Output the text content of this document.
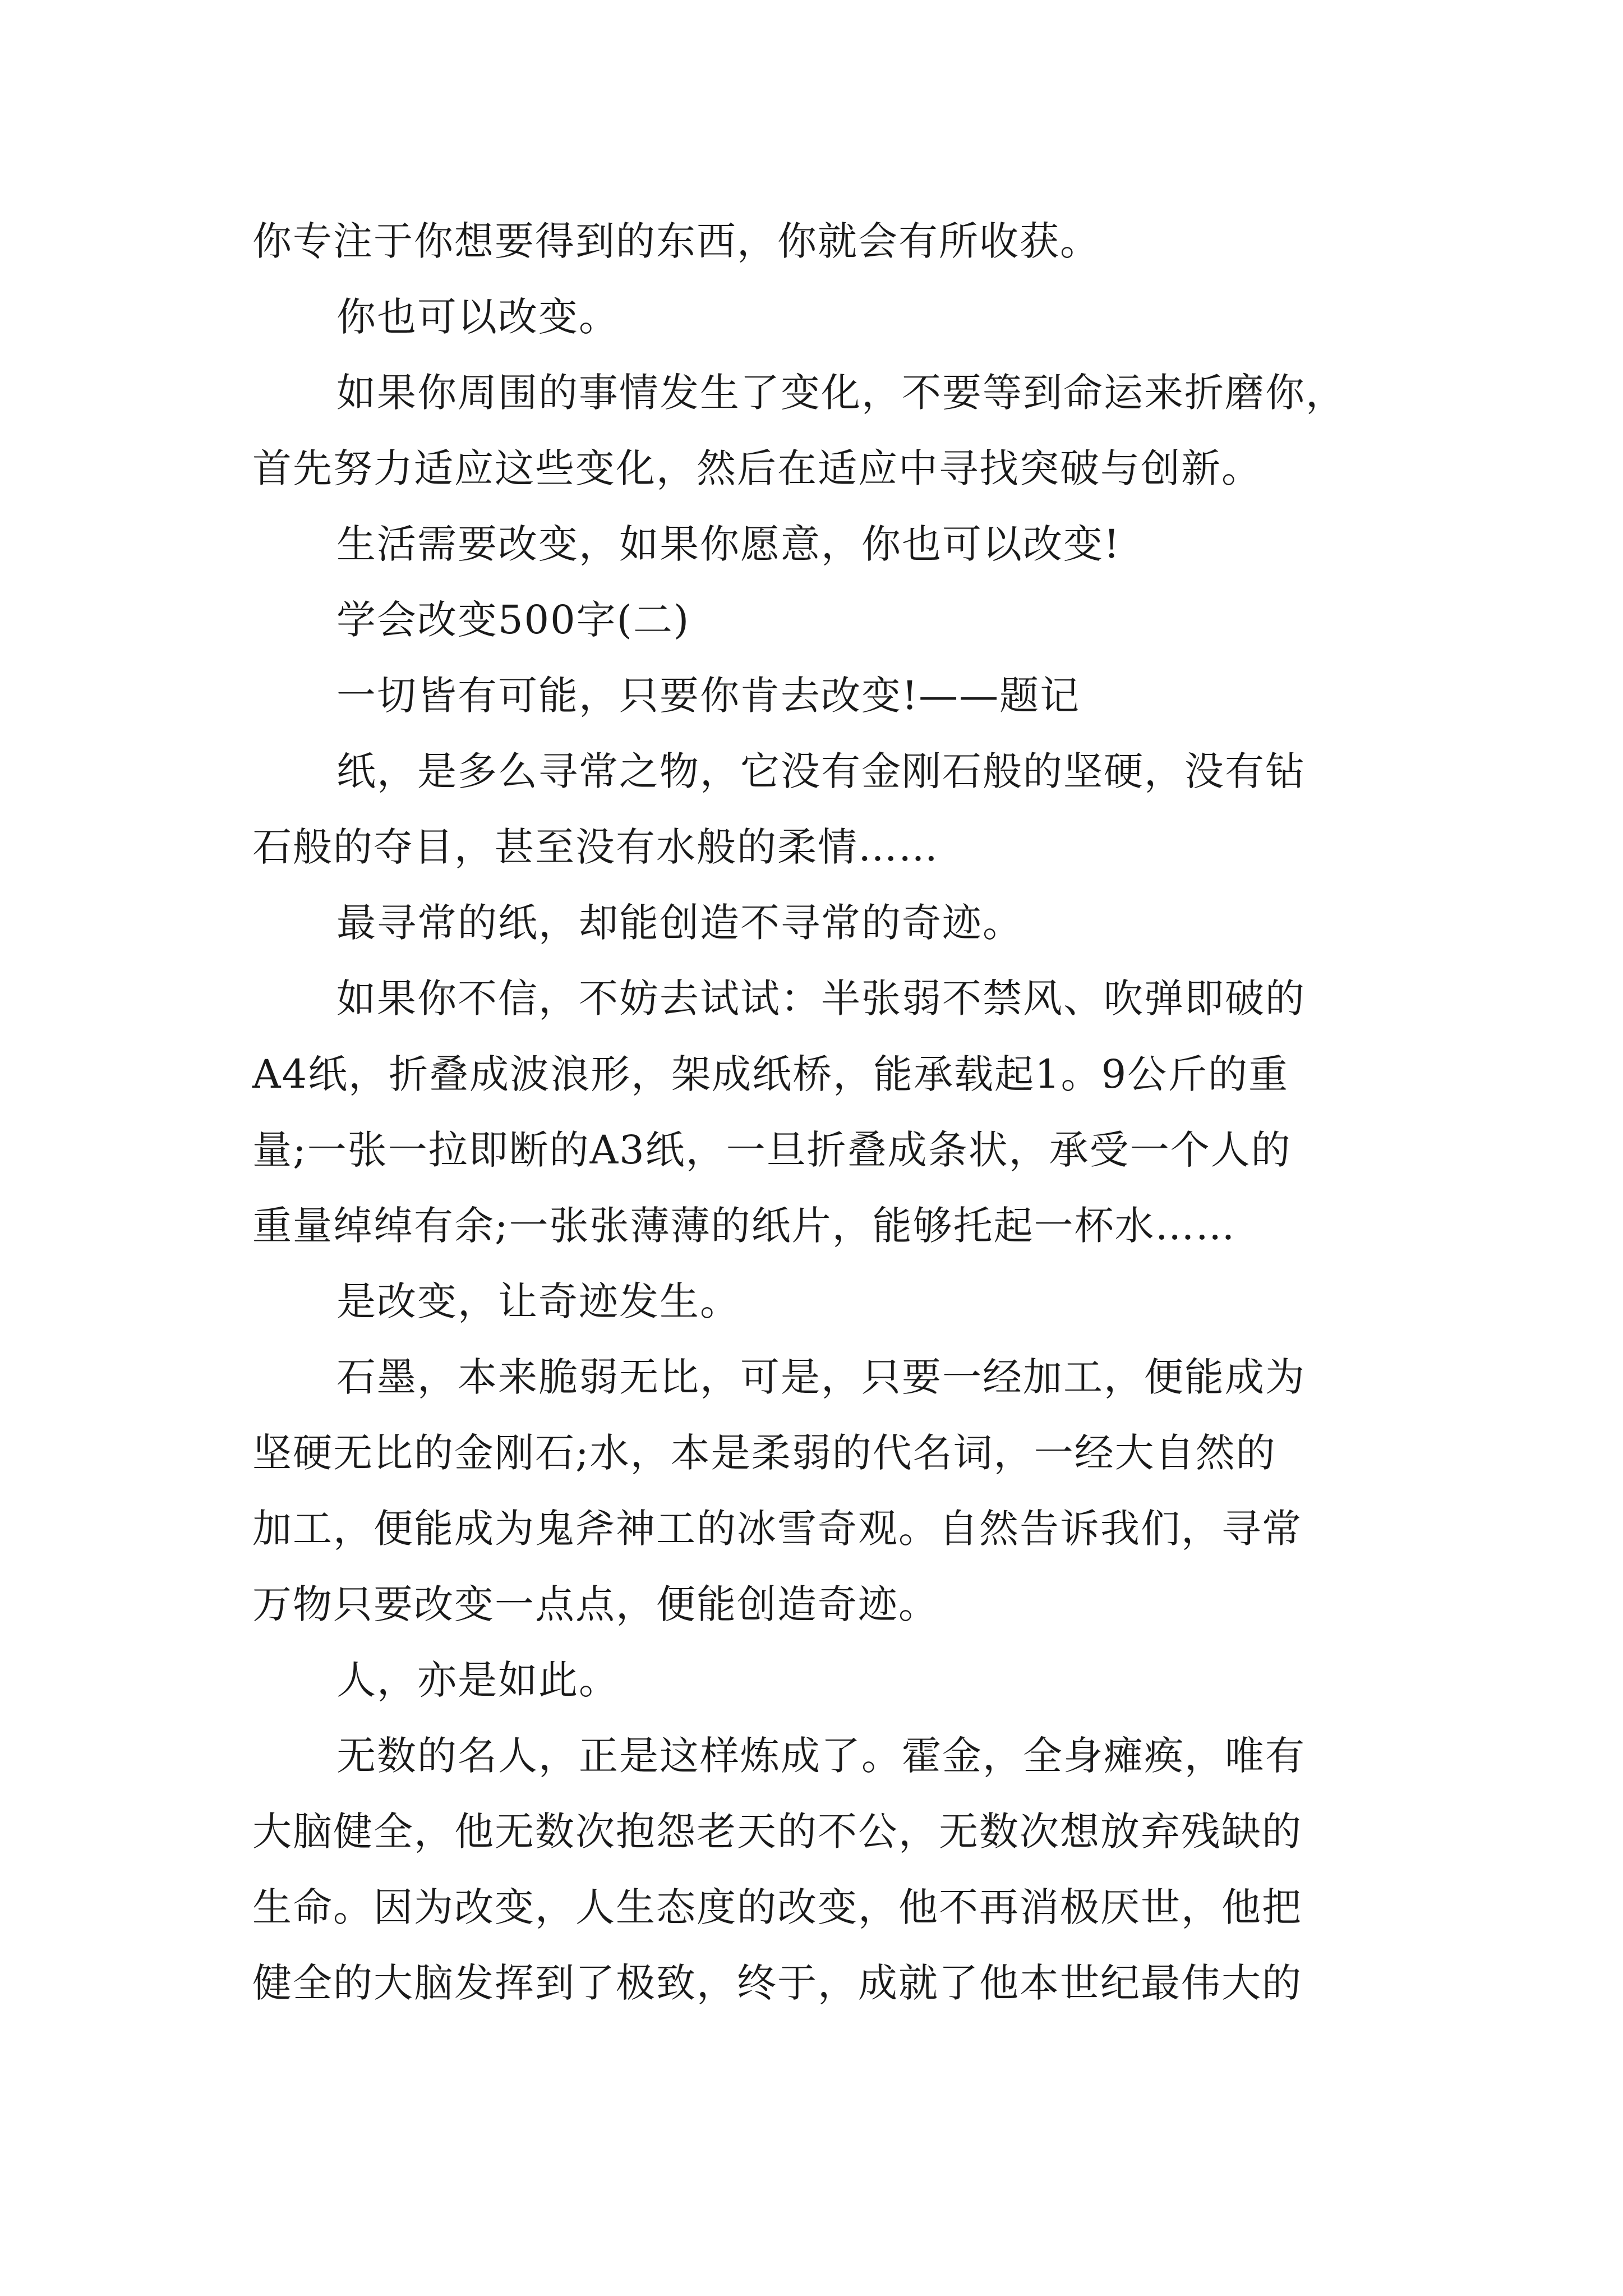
你专注于你想要得到的东西，你就会有所收获。

你也可以改变。

如果你周围的事情发生了变化，不要等到命运来折磨你，

首先努力适应这些变化，然后在适应中寻找突破与创新。

生活需要改变，如果你愿意，你也可以改变!

学会改变500字(二)

一切皆有可能，只要你肯去改变!——题记

纸，是多么寻常之物，它没有金刚石般的坚硬，没有钻

石般的夺目，甚至没有水般的柔情……

最寻常的纸，却能创造不寻常的奇迹。

如果你不信，不妨去试试：半张弱不禁风、吹弹即破的

A4纸，折叠成波浪形，架成纸桥，能承载起1。9公斤的重

量;一张一拉即断的A3纸，一旦折叠成条状，承受一个人的

重量绰绰有余;一张张薄薄的纸片，能够托起一杯水……

是改变，让奇迹发生。

石墨，本来脆弱无比，可是，只要一经加工，便能成为

坚硬无比的金刚石;水，本是柔弱的代名词，一经大自然的

加工，便能成为鬼斧神工的冰雪奇观。自然告诉我们，寻常

万物只要改变一点点，便能创造奇迹。

人，亦是如此。

无数的名人，正是这样炼成了。霍金，全身瘫痪，唯有

大脑健全，他无数次抱怨老天的不公，无数次想放弃残缺的

生命。因为改变，人生态度的改变，他不再消极厌世，他把

健全的大脑发挥到了极致，终于，成就了他本世纪最伟大的
